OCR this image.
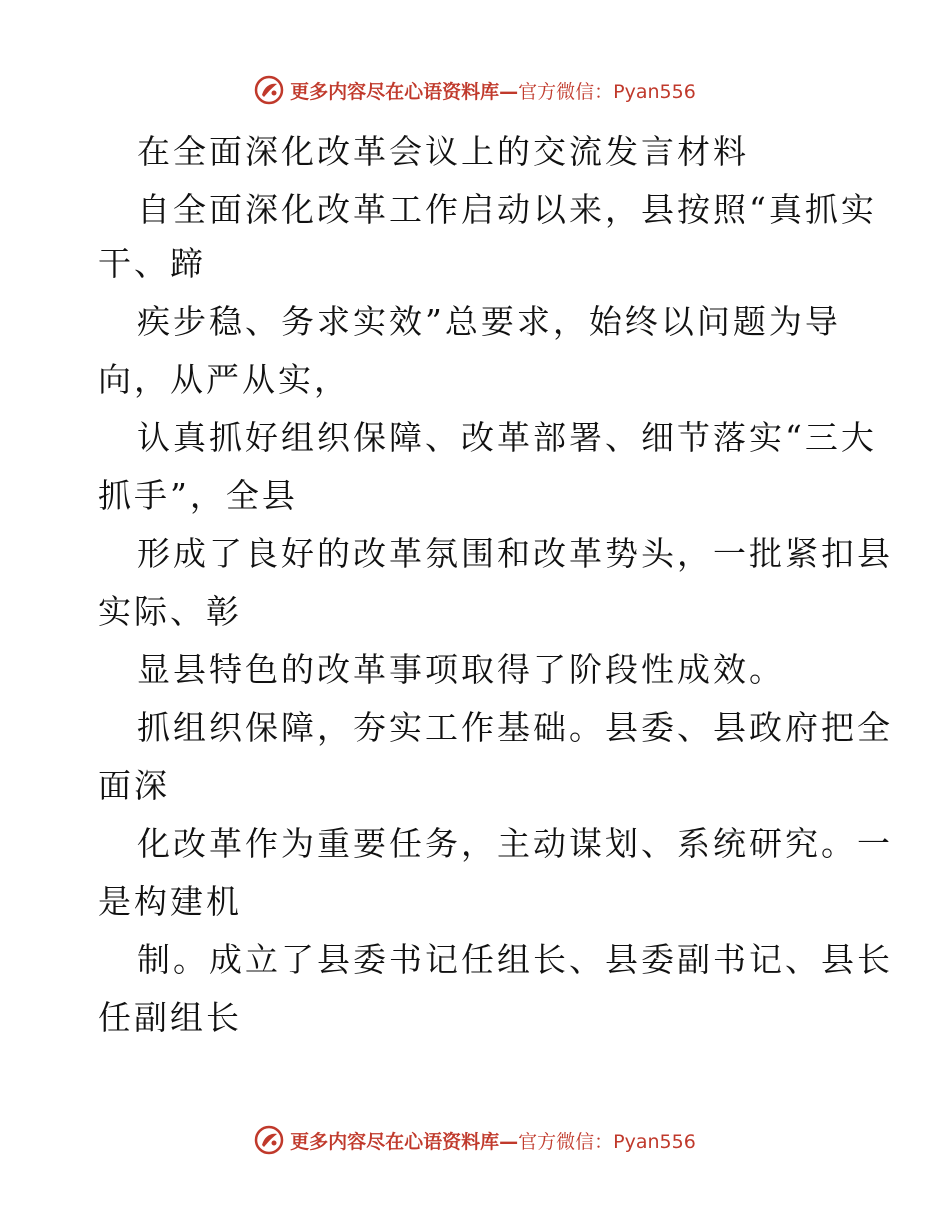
更多内容尽在心语资料库—官方微信：Pyan556
在全面深化改革会议上的交流发言材料
自全面深化改革工作启动以来，县按照“真抓实
干、蹄
疾步稳、务求实效”总要求，始终以问题为导
向，从严从实，
认真抓好组织保障、改革部署、细节落实“三大
抓手”，全县
形成了良好的改革氛围和改革势头，一批紧扣县
实际、彰
显县特色的改革事项取得了阶段性成效。
抓组织保障，夯实工作基础。县委、县政府把全
面深
化改革作为重要任务，主动谋划、系统研究。一
是构建机
制。成立了县委书记任组长、县委副书记、县长
任副组长
更多内容尽在心语资料库—官方微信：Pyan556
